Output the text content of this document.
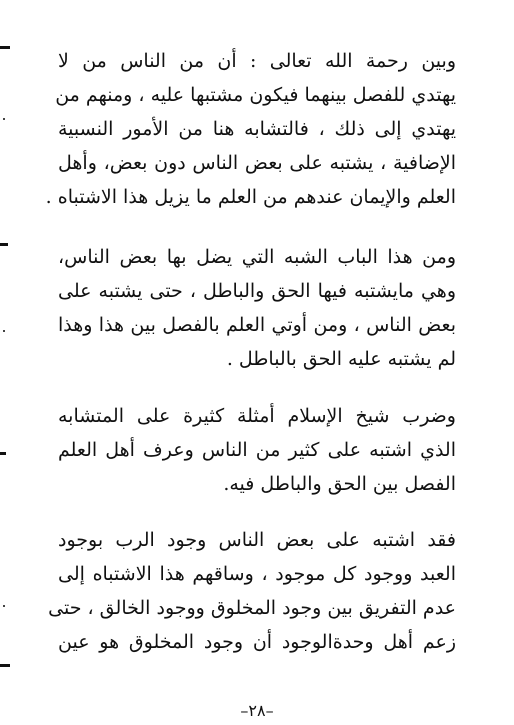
وبين رحمة الله تعالى : أن من الناس من لا
يهتدي للفصل بينهما فيكون مشتبها عليه ، ومنهم من
يهتدي إلى ذلك ، فالتشابه هنا من الأمور النسبية
الإضافية ، يشتبه على بعض الناس دون بعض، وأهل
العلم والإيمان عندهم من العلم ما يزيل هذا الاشتباه .

ومن هذا الباب الشبه التي يضل بها بعض الناس،
وهي مايشتبه فيها الحق والباطل ، حتى يشتبه على
بعض الناس ، ومن أوتي العلم بالفصل بين هذا وهذا
لم يشتبه عليه الحق بالباطل .

وضرب شيخ الإسلام أمثلة كثيرة على المتشابه
الذي اشتبه على كثير من الناس وعرف أهل العلم
الفصل بين الحق والباطل فيه.

فقد اشتبه على بعض الناس وجود الرب بوجود
العبد ووجود كل موجود ، وساقهم هذا الاشتباه إلى
عدم التفريق بين وجود المخلوق ووجود الخالق ، حتى
زعم أهل وحدةالوجود أن وجود المخلوق هو عين

–٢٨–
